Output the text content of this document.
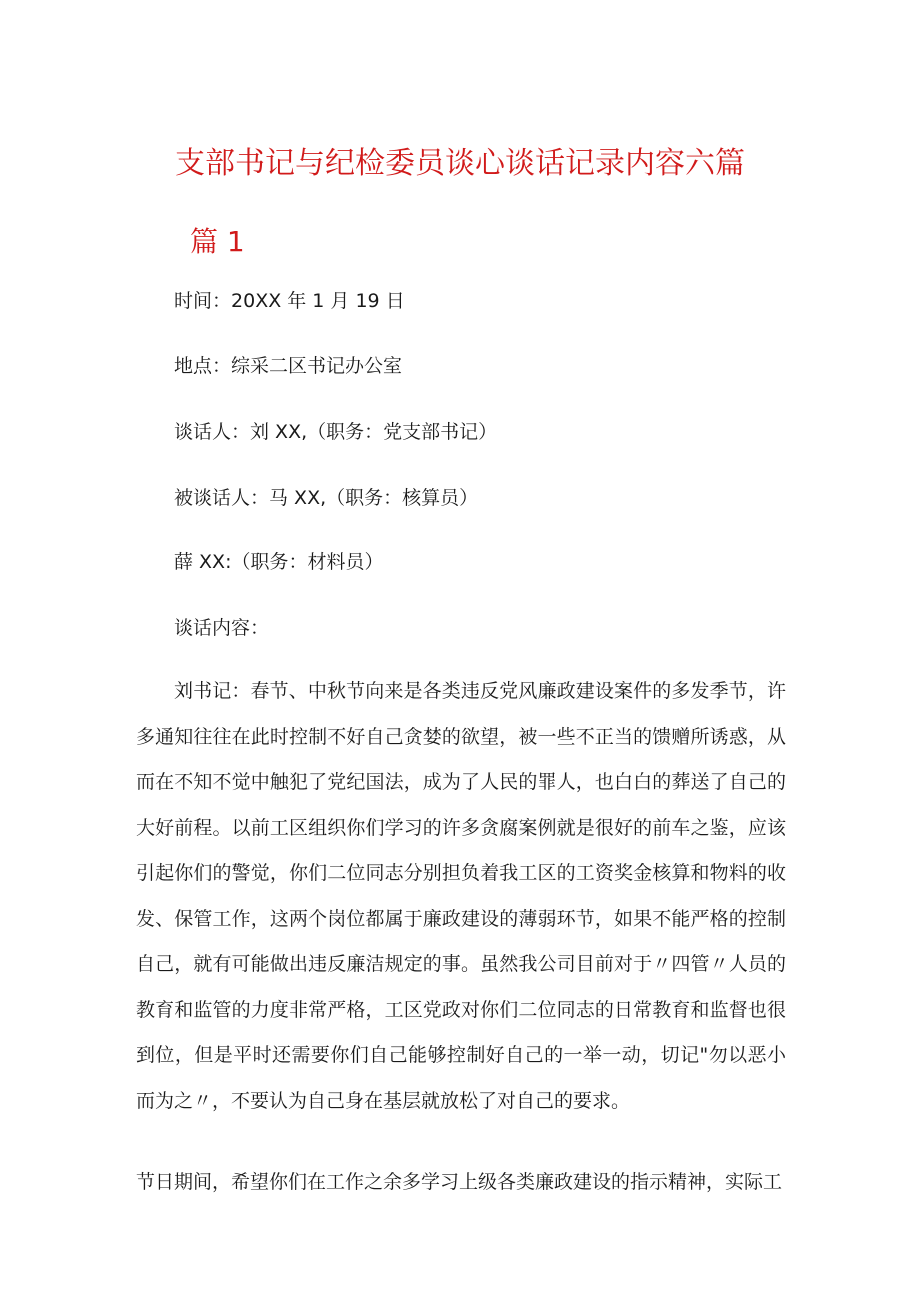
支部书记与纪检委员谈心谈话记录内容六篇
篇 1

时间：20XX 年 1 月 19 日

地点：综采二区书记办公室

谈话人：刘 XX,（职务：党支部书记）

被谈话人：马 XX,（职务：核算员）

薛 XX:（职务：材料员）

谈话内容：

刘书记：春节、中秋节向来是各类违反党风廉政建设案件的多发季节，许多通知往往在此时控制不好自己贪婪的欲望，被一些不正当的馈赠所诱惑，从而在不知不觉中触犯了党纪国法，成为了人民的罪人，也白白的葬送了自己的大好前程。以前工区组织你们学习的许多贪腐案例就是很好的前车之鉴，应该引起你们的警觉，你们二位同志分别担负着我工区的工资奖金核算和物料的收发、保管工作，这两个岗位都属于廉政建设的薄弱环节，如果不能严格的控制自己，就有可能做出违反廉洁规定的事。虽然我公司目前对于〃四管〃人员的教育和监管的力度非常严格，工区党政对你们二位同志的日常教育和监督也很到位，但是平时还需要你们自己能够控制好自己的一举一动，切记"勿以恶小而为之〃，不要认为自己身在基层就放松了对自己的要求。

节日期间，希望你们在工作之余多学习上级各类廉政建设的指示精神，实际工
